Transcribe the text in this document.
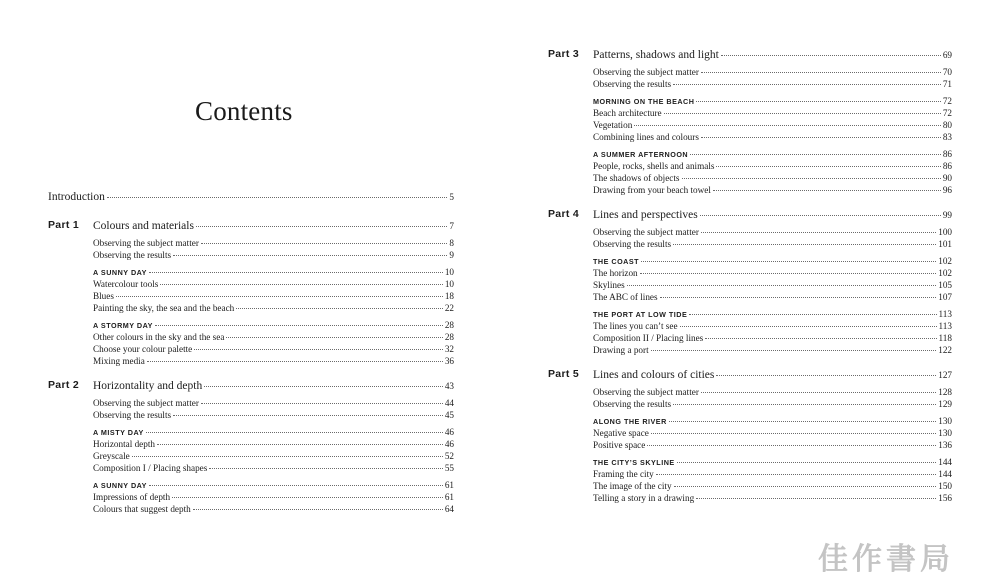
Contents
Introduction	5
Part 1	Colours and materials	7
Observing the subject matter	8
Observing the results	9
A SUNNY DAY	10
Watercolour tools	10
Blues	18
Painting the sky, the sea and the beach	22
A STORMY DAY	28
Other colours in the sky and the sea	28
Choose your colour palette	32
Mixing media	36
Part 2	Horizontality and depth	43
Observing the subject matter	44
Observing the results	45
A MISTY DAY	46
Horizontal depth	46
Greyscale	52
Composition I / Placing shapes	55
A SUNNY DAY	61
Impressions of depth	61
Colours that suggest depth	64
Part 3	Patterns, shadows and light	69
Observing the subject matter	70
Observing the results	71
MORNING ON THE BEACH	72
Beach architecture	72
Vegetation	80
Combining lines and colours	83
A SUMMER AFTERNOON	86
People, rocks, shells and animals	86
The shadows of objects	90
Drawing from your beach towel	96
Part 4	Lines and perspectives	99
Observing the subject matter	100
Observing the results	101
THE COAST	102
The horizon	102
Skylines	105
The ABC of lines	107
THE PORT AT LOW TIDE	113
The lines you can’t see	113
Composition II / Placing lines	118
Drawing a port	122
Part 5	Lines and colours of cities	127
Observing the subject matter	128
Observing the results	129
ALONG THE RIVER	130
Negative space	130
Positive space	136
THE CITY’S SKYLINE	144
Framing the city	144
The image of the city	150
Telling a story in a drawing	156
佳作書局
